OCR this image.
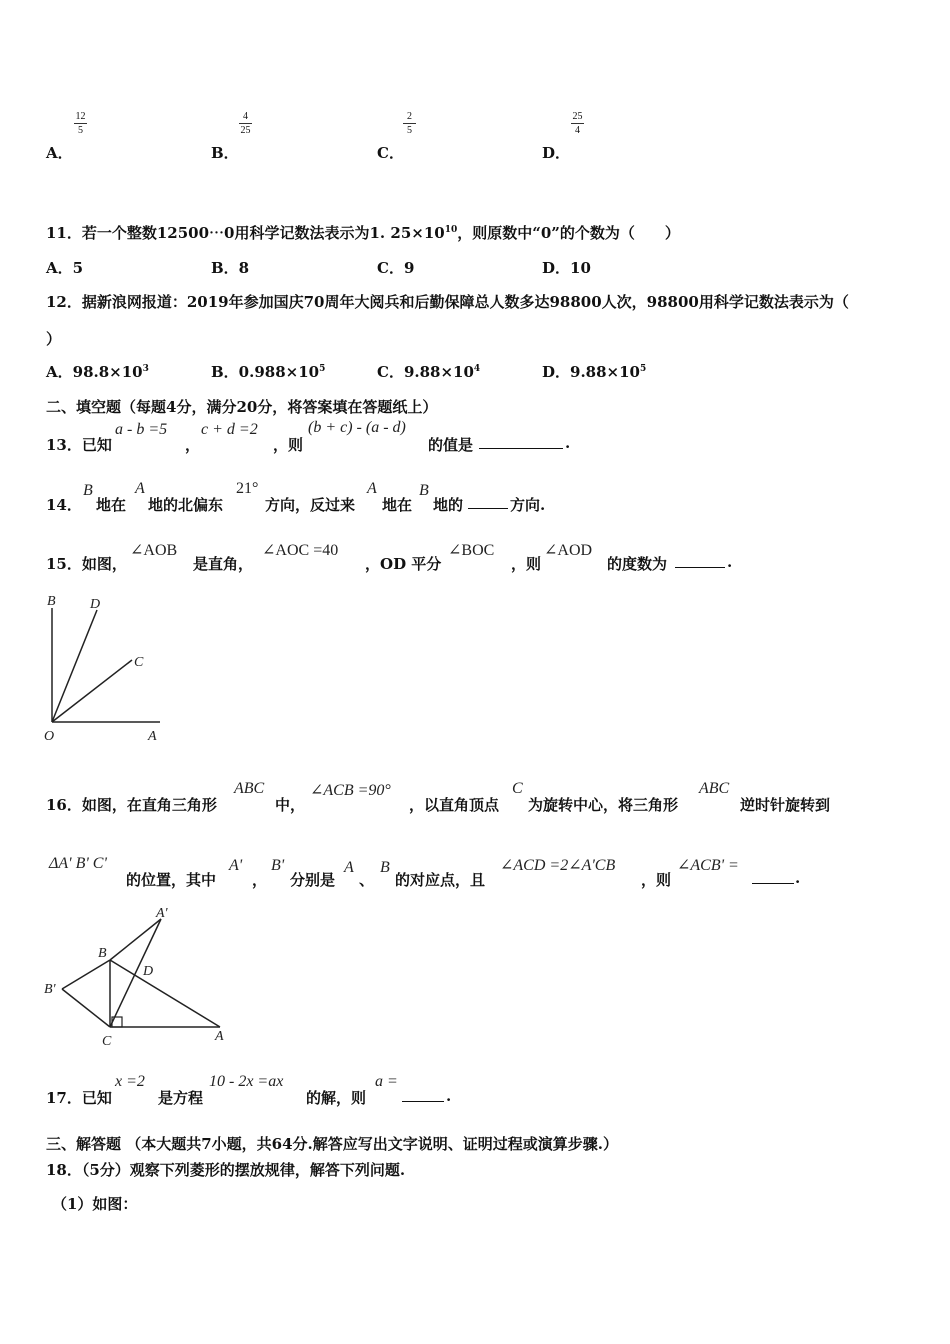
A．
12
5
B．
4
25
C．
2
5
D．
25
4
11．若一个整数12500⋯0用科学记数法表示为1. $25\times 10^{10}$，则原数中“0”的个数为（　　）
A．5	B．8	C．9	D．10
12．据新浪网报道：2019年参加国庆70周年大阅兵和后勤保障总人数多达98800人次，98800用科学记数法表示为（
）
A．$98.8\times 10^3$	B．$0.988\times 10^5$	C．$9.88\times 10^4$	D．$9.88\times 10^5$
二、填空题（每题4分，满分20分，将答案填在答题纸上）
13．已知
a - b =5
，
c + d =2
，则
(b + c) - (a - d)
的值是	.
14．
B
地在
A
地的北偏东
21°
方向，反过来
A
地在
B
地的	方向.
15．如图，
∠AOB
是直角，
∠AOC =40
，OD 平分
∠BOC
，则
∠AOD
的度数为	.
B D
C
O	A
16．如图，在直角三角形
ABC
中，
∠ACB =90°
，以直角顶点
C
为旋转中心，将三角形
ABC
逆时针旋转到
ΔA' B' C'
的位置，其中
A'
，
B'
分别是
A
、
B
的对应点，且
∠ACD =2∠A'CB
，则
∠ACB' =
.
A'
B
D
B'
C	A
17．已知
x =2
是方程
10 - 2x =ax
的解，则
a =
.
三、解答题 （本大题共7小题，共64分.解答应写出文字说明、证明过程或演算步骤.）
18．（5分）观察下列菱形的摆放规律，解答下列问题.
（1）如图：
